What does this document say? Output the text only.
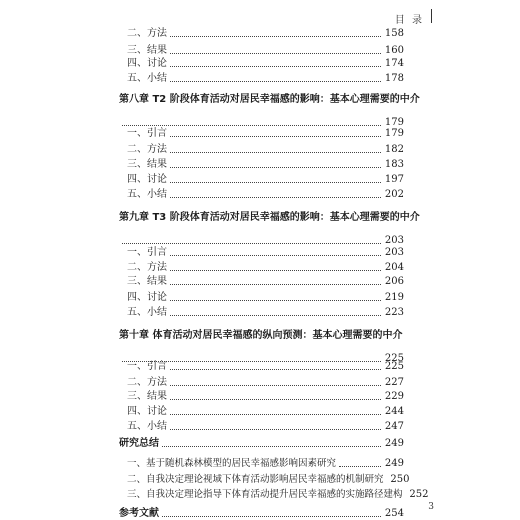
目 录
二、方法	158
三、结果	160
四、讨论	174
五、小结	178
第八章 T2 阶段体育活动对居民幸福感的影响：基本心理需要的中介
179
一、引言	179
二、方法	182
三、结果	183
四、讨论	197
五、小结	202
第九章 T3 阶段体育活动对居民幸福感的影响：基本心理需要的中介
203
一、引言	203
二、方法	204
三、结果	206
四、讨论	219
五、小结	223
第十章 体育活动对居民幸福感的纵向预测：基本心理需要的中介
225
一、引言	225
二、方法	227
三、结果	229
四、讨论	244
五、小结	247
研究总结	249
一、基于随机森林模型的居民幸福感影响因素研究	249
二、自我决定理论视域下体育活动影响居民幸福感的机制研究 250
三、自我决定理论指导下体育活动提升居民幸福感的实施路径建构 252
参考文献	254
3
